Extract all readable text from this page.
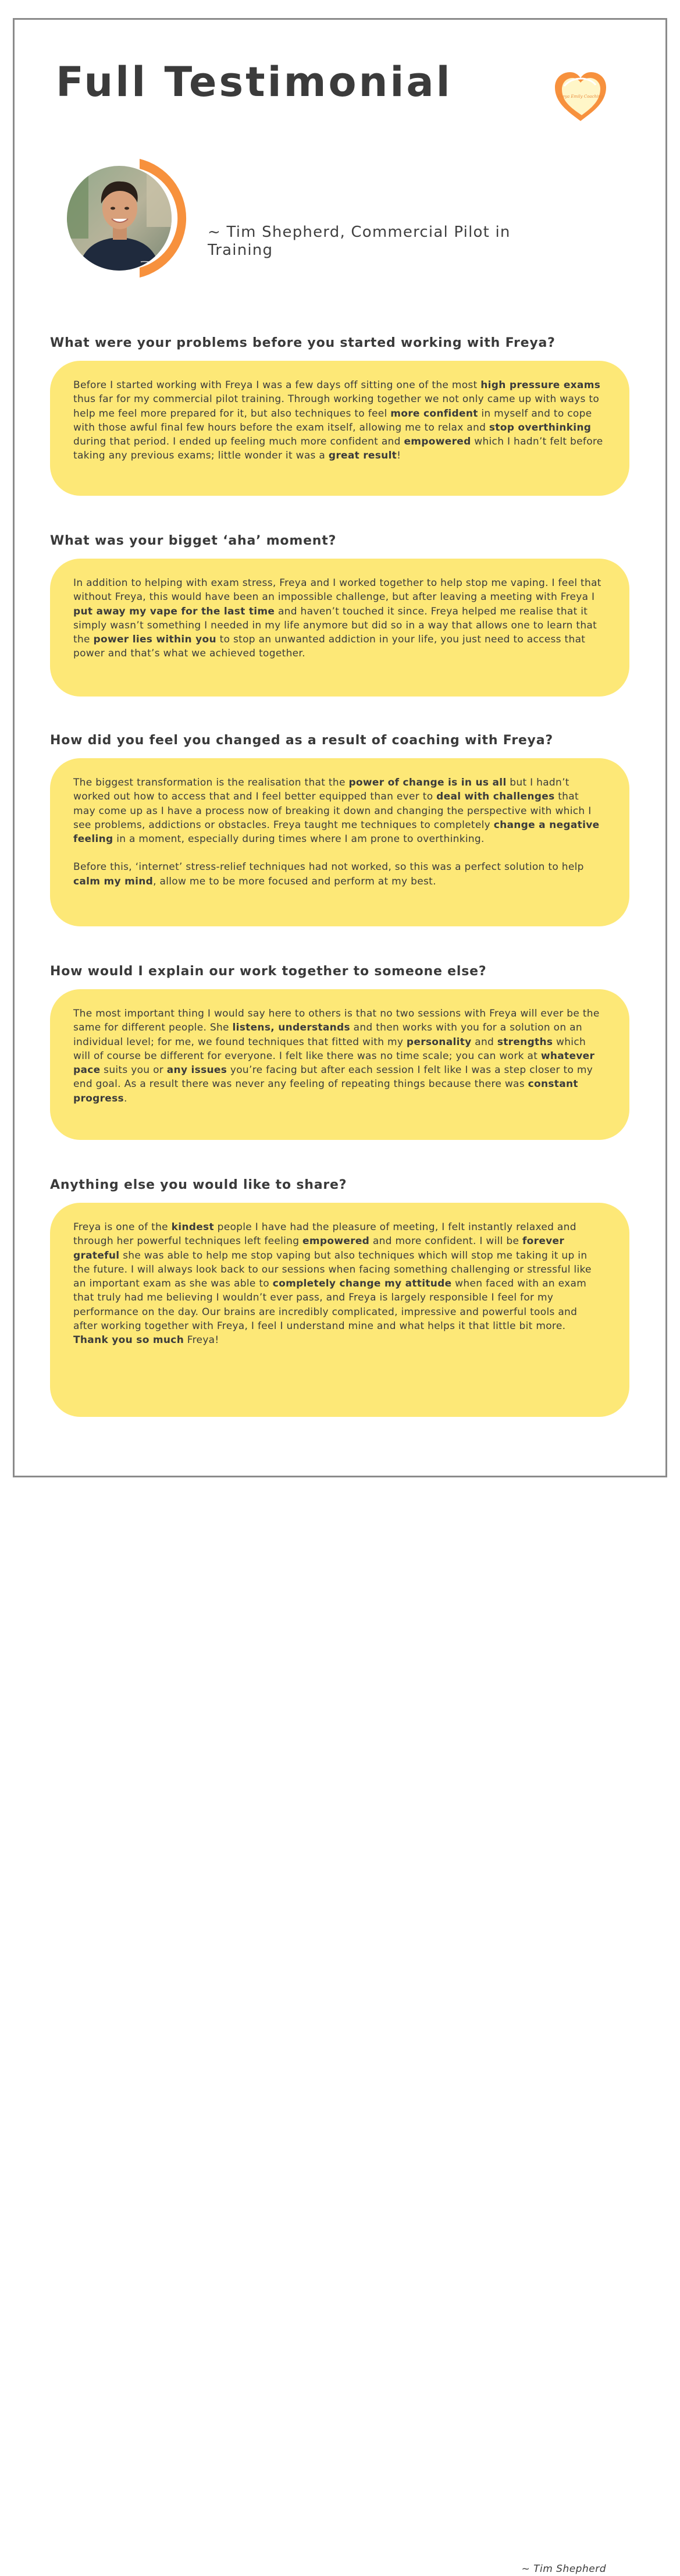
Full Testimonial	Freya Emily Coaching
~ Tim Shepherd, Commercial Pilot in Training
What were your problems before you started working with Freya?

Before I started working with Freya I was a few days off sitting one of the most high pressure exams thus far for my commercial pilot training. Through working together we not only came up with ways to help me feel more prepared for it, but also techniques to feel more confident in myself and to cope with those awful final few hours before the exam itself, allowing me to relax and stop overthinking during that period. I ended up feeling much more confident and empowered which I hadn’t felt before taking any previous exams; little wonder it was a great result!

What was your bigget ‘aha’ moment?

In addition to helping with exam stress, Freya and I worked together to help stop me vaping. I feel that without Freya, this would have been an impossible challenge, but after leaving a meeting with Freya I put away my vape for the last time and haven’t touched it since. Freya helped me realise that it simply wasn’t something I needed in my life anymore but did so in a way that allows one to learn that the power lies within you to stop an unwanted addiction in your life, you just need to access that power and that’s what we achieved together.

How did you feel you changed as a result of coaching with Freya?

The biggest transformation is the realisation that the power of change is in us all but I hadn’t worked out how to access that and I feel better equipped than ever to deal with challenges that may come up as I have a process now of breaking it down and changing the perspective with which I see problems, addictions or obstacles. Freya taught me techniques to completely change a negative feeling in a moment, especially during times where I am prone to overthinking.

Before this, ‘internet’ stress-relief techniques had not worked, so this was a perfect solution to help calm my mind, allow me to be more focused and perform at my best.

How would I explain our work together to someone else?

The most important thing I would say here to others is that no two sessions with Freya will ever be the same for different people. She listens, understands and then works with you for a solution on an individual level; for me, we found techniques that fitted with my personality and strengths which will of course be different for everyone. I felt like there was no time scale; you can work at whatever pace suits you or any issues you’re facing but after each session I felt like I was a step closer to my end goal. As a result there was never any feeling of repeating things because there was constant progress.

Anything else you would like to share?

Freya is one of the kindest people I have had the pleasure of meeting, I felt instantly relaxed and through her powerful techniques left feeling empowered and more confident. I will be forever grateful she was able to help me stop vaping but also techniques which will stop me taking it up in the future. I will always look back to our sessions when facing something challenging or stressful like an important exam as she was able to completely change my attitude when faced with an exam that truly had me believing I wouldn’t ever pass, and Freya is largely responsible I feel for my performance on the day. Our brains are incredibly complicated, impressive and powerful tools and after working together with Freya, I feel I understand mine and what helps it that little bit more. Thank you so much Freya!

~ Tim Shepherd
